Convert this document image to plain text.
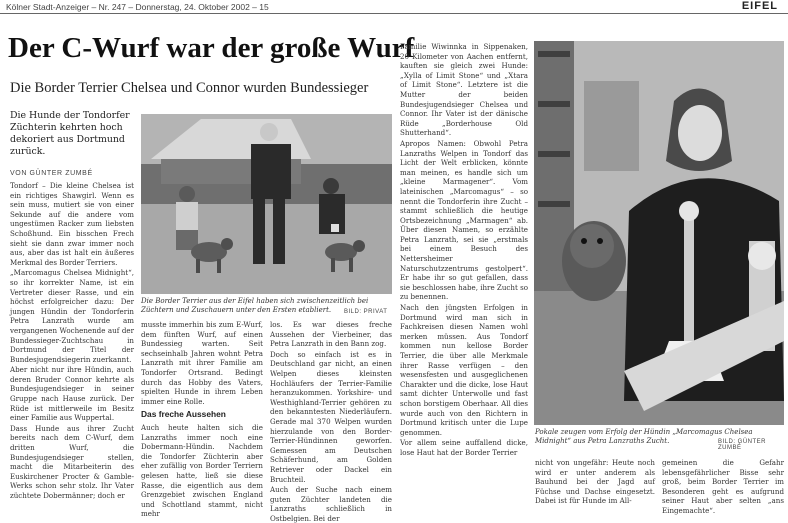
Kölner Stadt-Anzeiger – Nr. 247 – Donnerstag, 24. Oktober 2002 – 15	EIFEL
Der C-Wurf war der große Wurf
Die Border Terrier Chelsea und Connor wurden Bundessieger
Die Hunde der Tondorfer Züchterin kehrten hoch dekoriert aus Dortmund zurück.
VON GÜNTER ZUMBÉ

Tondorf – Die kleine Chelsea ist ein richtiges Shawgirl. Wenn es sein muss, mutiert sie von einer Sekunde auf die andere vom ungestümen Racker zum liebsten Schoßhund. Ein bisschen Frech sieht sie dann zwar immer noch aus, aber das ist halt ein äußeres Merkmal des Border Terriers.

„Marcomagus Chelsea Midnight“, so ihr korrekter Name, ist ein Vertreter dieser Rasse, und ein höchst erfolgreicher dazu: Der jungen Hündin der Tondorferin Petra Lanzrath wurde am vergangenen Wochenende auf der Bundessieger-Zuchtschau in Dortmund der Titel der Bundesjugendsiegerin zuerkannt.

Aber nicht nur ihre Hündin, auch deren Bruder Connor kehrte als Bundesjugendsieger in seiner Gruppe nach Hause zurück. Der Rüde ist mittlerweile im Besitz einer Familie aus Wuppertal.

Dass Hunde aus ihrer Zucht bereits nach dem C-Wurf, dem dritten Wurf, die Bundesjugendsieger stellen, macht die Mitarbeiterin des Euskirchener Procter & Gamble-Werks schon sehr stolz. Ihr Vater züchtete Dobermänner; doch er

Die Border Terrier aus der Eifel haben sich zwischenzeitlich bei Züchtern und Zuschauern unter den Ersten etabliert.	BILD: PRIVAT

musste immerhin bis zum E-Wurf, dem fünften Wurf, auf einen Bundessieg warten. Seit sechseinhalb Jahren wohnt Petra Lanzrath mit ihrer Familie am Tondorfer Ortsrand. Bedingt durch das Hobby des Vaters, spielten Hunde in ihrem Leben immer eine Rolle.

Das freche Aussehen

Auch heute halten sich die Lanzraths immer noch eine Dobermann-Hündin. Nachdem die Tondorfer Züchterin aber eher zufällig von Border Terriern gelesen hatte, ließ sie diese Rasse, die eigentlich aus dem Grenzgebiet zwischen England und Schottland stammt, nicht mehr

los. Es war dieses freche Aussehen der Vierbeiner, das Petra Lanzrath in den Bann zog.

Doch so einfach ist es in Deutschland gar nicht, an einen Welpen dieses kleinsten Hochläufers der Terrier-Familie heranzukommen. Yorkshire- und Westhighland-Terrier gehören zu den bekanntesten Niederläufern. Gerade mal 370 Welpen wurden hierzulande von den Border-Terrier-Hündinnen geworfen. Gemessen am Deutschen Schäferhund, am Golden Retriever oder Dackel ein Bruchteil.

Auch der Suche nach einem guten Züchter landeten die Lanzraths schließlich in Ostbelgien. Bei der

Familie Wiwinnka in Sippenaken, 20 Kilometer von Aachen entfernt, kauften sie gleich zwei Hunde: „Xylla of Limit Stone“ und „Xtara of Limit Stone“. Letztere ist die Mutter der beiden Bundesjugendsieger Chelsea und Connor. Ihr Vater ist der dänische Rüde „Borderhouse Old Shutterhand“.

Apropos Namen: Obwohl Petra Lanzraths Welpen in Tondorf das Licht der Welt erblicken, könnte man meinen, es handle sich um „kleine Marmagener“. Vom lateinischen „Marcomagus“ – so nennt die Tondorferin ihre Zucht – stammt schließlich die heutige Ortsbezeichnung „Marmagen“ ab. Über diesen Namen, so erzählte Petra Lanzrath, sei sie „erstmals bei einem Besuch des Nettersheimer Naturschutzzentrums gestolpert“. Er habe ihr so gut gefallen, dass sie beschlossen habe, ihre Zucht so zu benennen.

Nach den jüngsten Erfolgen in Dortmund wird man sich in Fachkreisen diesen Namen wohl merken müssen. Aus Tondorf kommen nun kellose Border Terrier, die über alle Merkmale ihrer Rasse verfügen – den wesensfesten und ausgeglichenen Charakter und die dicke, lose Haut samt dichter Unterwolle und fast schon borstigem Oberhaar. All dies wurde auch von den Richtern in Dortmund kritisch unter die Lupe genommen.

Vor allem seine auffallend dicke, lose Haut hat der Border Terrier

Pokale zeugen vom Erfolg der Hündin „Marcomagus Chelsea Midnight“ aus Petra Lanzraths Zucht.	BILD: GÜNTER ZUMBÉ

nicht von ungefähr: Heute noch wird er unter anderem als Bauhund bei der Jagd auf Füchse und Dachse eingesetzt. Dabei ist für Hunde im All-

gemeinen die Gefahr lebensgefährlicher Bisse sehr groß, beim Border Terrier im Besonderen geht es aufgrund seiner Haut aber selten „ans Eingemachte“.
